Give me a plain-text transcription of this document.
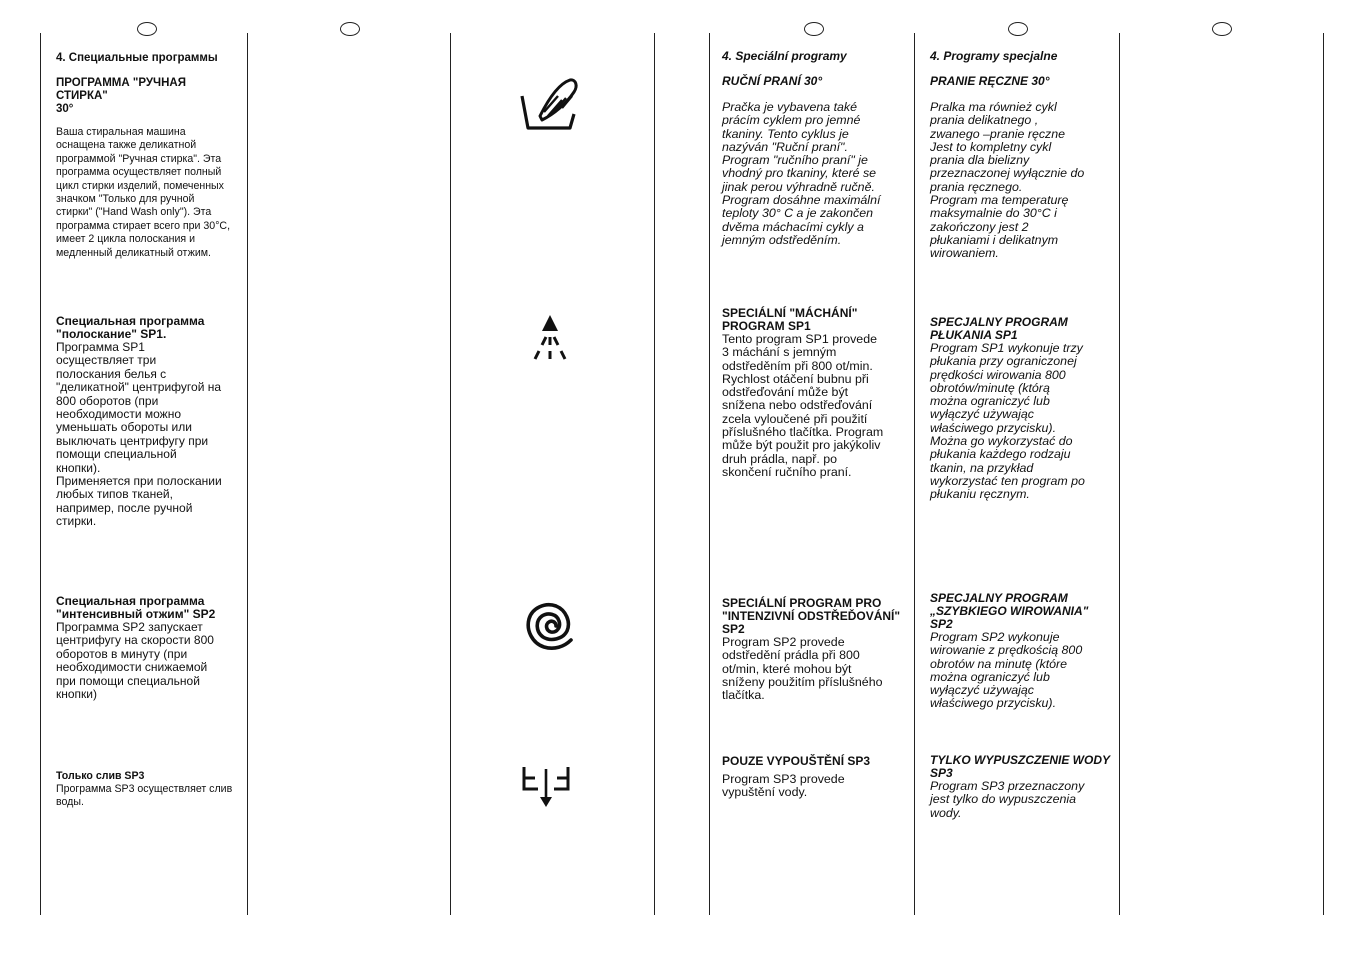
4. Специальные программы

ПРОГРАММА "РУЧНАЯ СТИРКА"
30°

Ваша стиральная машина
оснащена также деликатной
программой "Ручная стирка". Эта
программа осуществляет полный
цикл стирки изделий, помеченных
значком "Только для ручной
стирки" ("Hand Wash only"). Эта
программа стирает всего при 30°C,
имеет 2 цикла полоскания и
медленный деликатный отжим.

Специальная программа
"полоскание" SP1.

Программа SP1
осуществляет три
полоскания белья с
"деликатной" центрифугой на
800 оборотов (при
необходимости можно
уменьшать обороты или
выключать центрифугу при
помощи специальной
кнопки).
Применяется при полоскании
любых типов тканей,
например, после ручной
стирки.

Специальная программа
"интенсивный отжим" SP2

Программа SP2 запускает
центрифугу на скорости 800
оборотов в минуту (при
необходимости снижаемой
при помощи специальной
кнопки)

Только слив SP3

Программа SP3 осуществляет слив
воды.

4. Speciální programy

RUČNÍ PRANÍ 30°

Pračka je vybavena také
prácím cyklem pro jemné
tkaniny. Tento cyklus je
nazýván "Ruční praní".
Program "ručního praní" je
vhodný pro tkaniny, které se
jinak perou výhradně ručně.
Program dosáhne maximální
teploty 30° C a je zakončen
dvěma máchacími cykly a
jemným odstředěním.

SPECIÁLNÍ "MÁCHÁNÍ"
PROGRAM SP1

Tento program SP1 provede
3 máchání s jemným
odstředěním při 800 ot/min.
Rychlost otáčení bubnu při
odstřeďování může být
snížena nebo odstřeďování
zcela vyloučené při použití
příslušného tlačítka. Program
může být použit pro jakýkoliv
druh prádla, např. po
skončení ručního praní.

SPECIÁLNÍ PROGRAM PRO
"INTENZIVNÍ ODSTŘEĎOVÁNÍ"
SP2

Program SP2 provede
odstředění prádla při 800
ot/min, které mohou být
sníženy použitím příslušného
tlačítka.

POUZE VYPOUŠTĚNÍ SP3

Program SP3 provede
vypuštění vody.

4. Programy specjalne

PRANIE RĘCZNE 30°

Pralka ma również cykl
prania delikatnego ,
zwanego –pranie ręczne
Jest to kompletny cykl
prania dla bielizny
przeznaczonej wyłącznie do
prania ręcznego.
Program ma temperaturę
maksymalnie do 30°C i
zakończony jest 2
płukaniami i delikatnym
wirowaniem.

SPECJALNY PROGRAM
PŁUKANIA SP1

Program SP1 wykonuje trzy
płukania przy ograniczonej
prędkości wirowania 800
obrotów/minutę (którą
można ograniczyć lub
wyłączyć używając
właściwego przycisku).
Można go wykorzystać do
płukania każdego rodzaju
tkanin, na przykład
wykorzystać ten program po
płukaniu ręcznym.

SPECJALNY PROGRAM
„SZYBKIEGO WIROWANIA"
SP2

Program SP2 wykonuje
wirowanie z prędkością 800
obrotów na minutę (które
można ograniczyć lub
wyłączyć używając
właściwego przycisku).

TYLKO WYPUSZCZENIE WODY
SP3

Program SP3 przeznaczony
jest tylko do wypuszczenia
wody.
